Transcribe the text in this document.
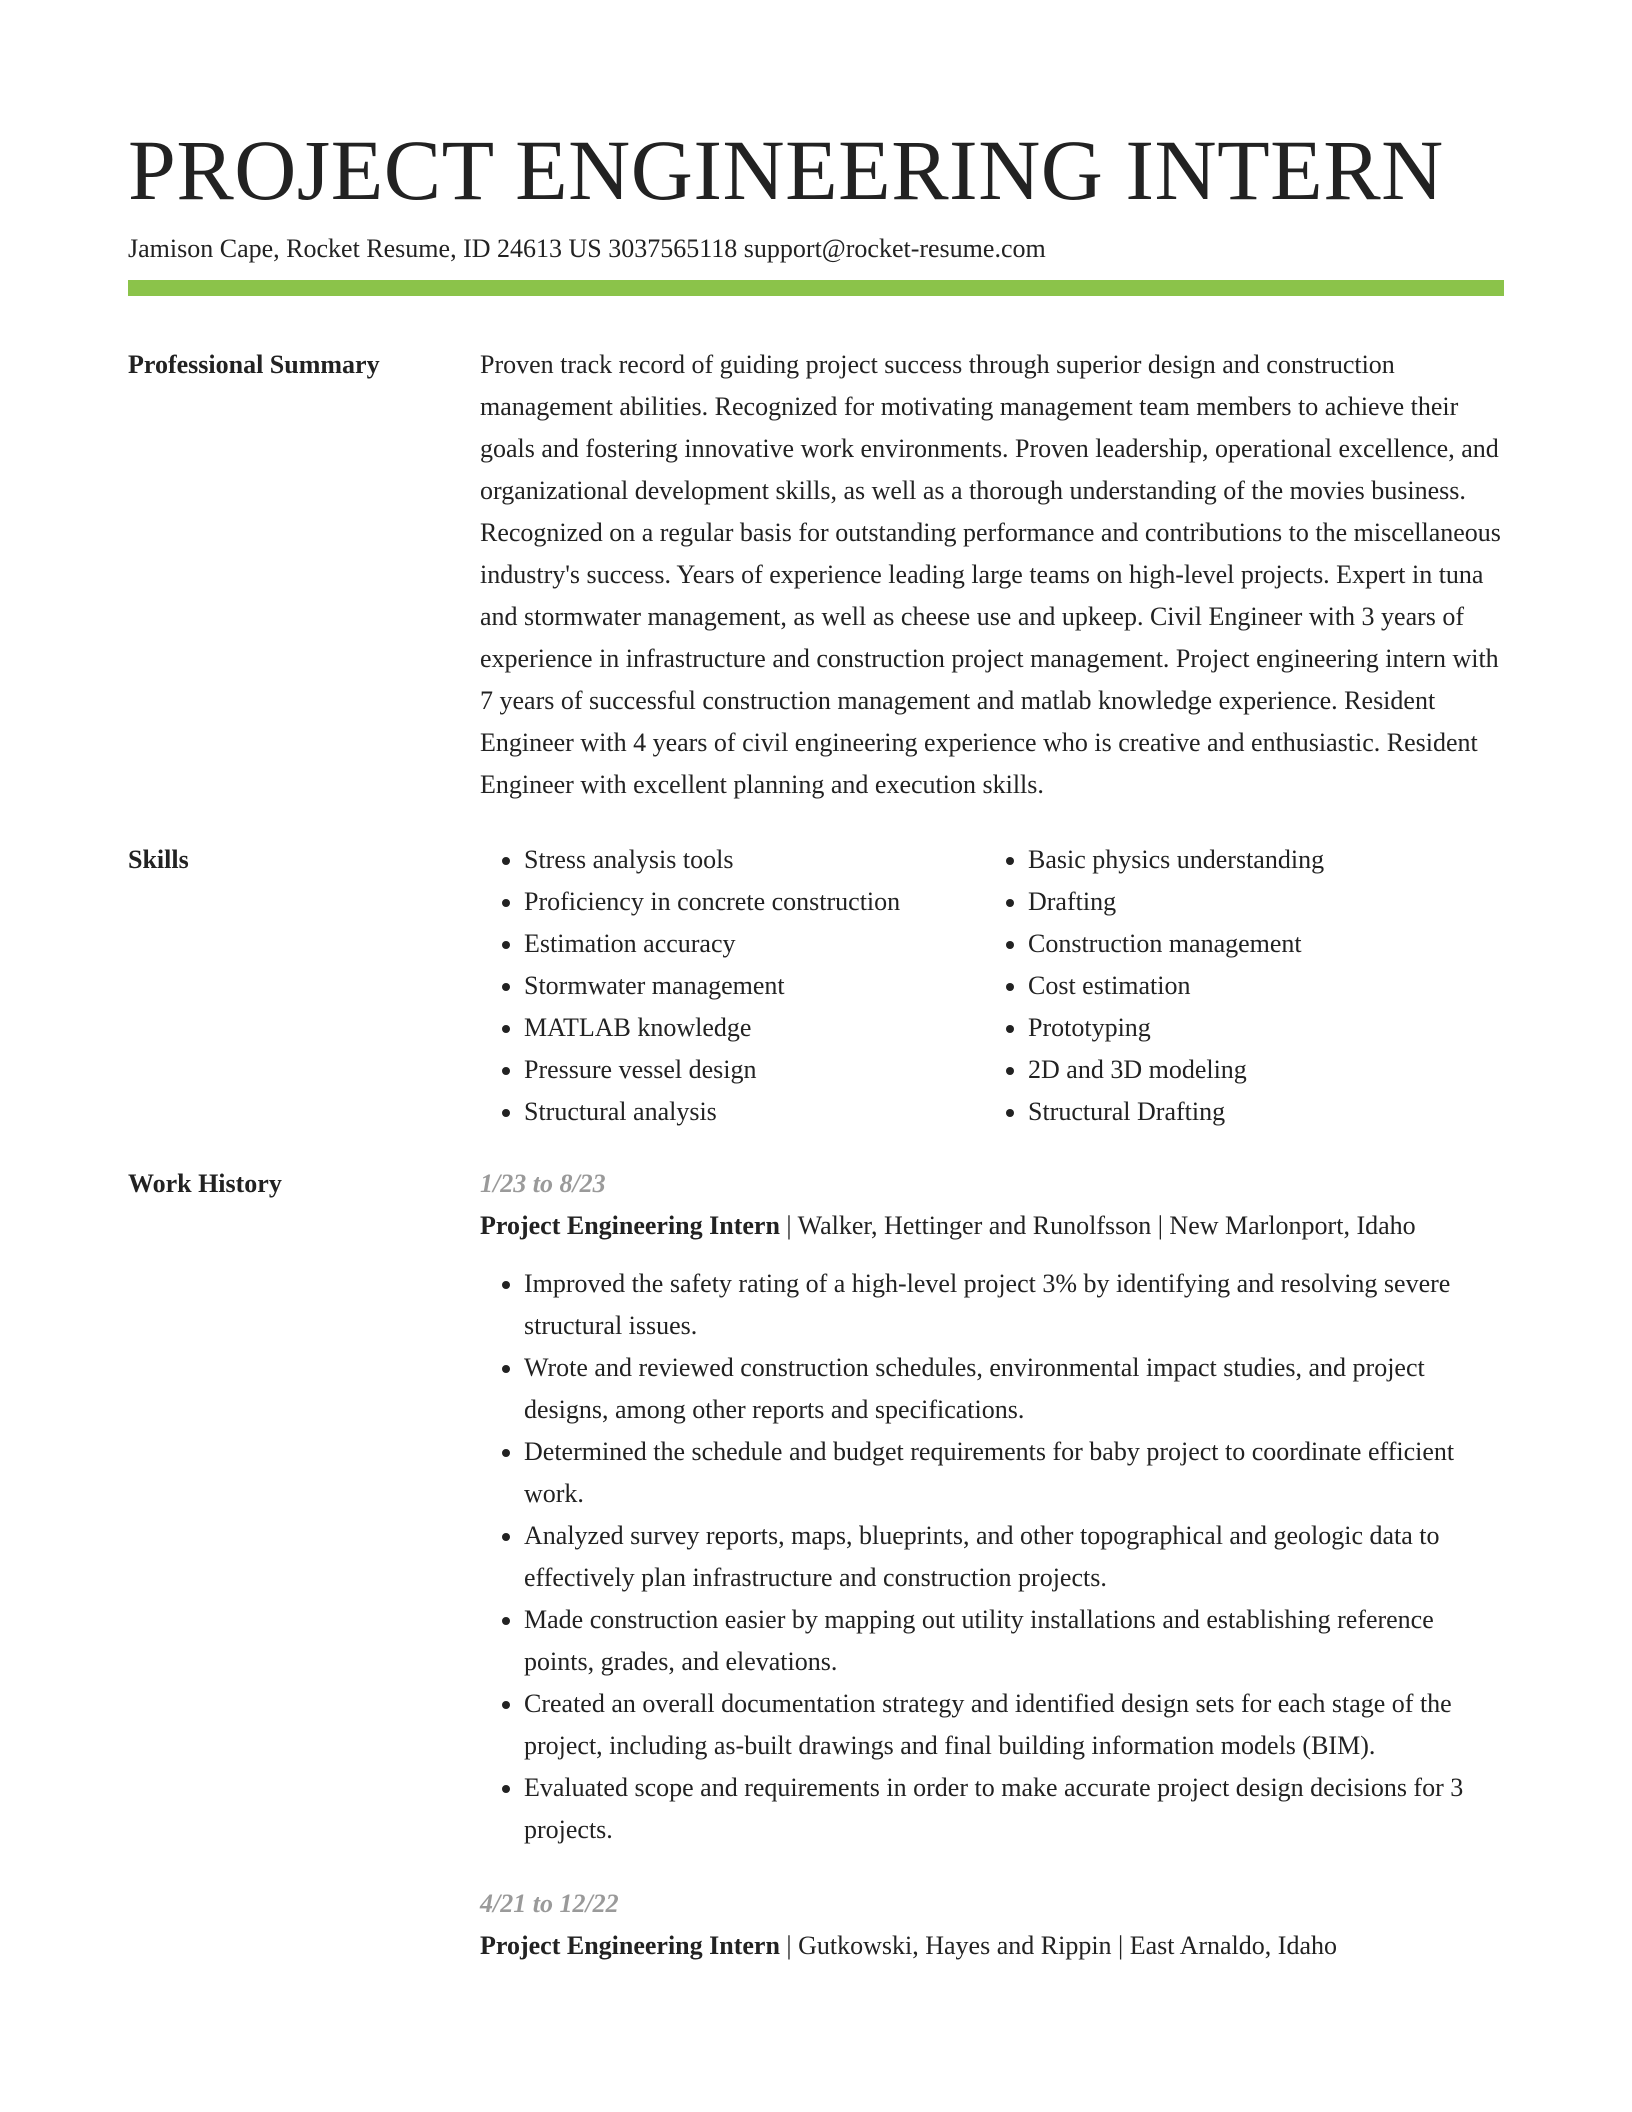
PROJECT ENGINEERING INTERN
Jamison Cape, Rocket Resume, ID 24613 US 3037565118 support@rocket-resume.com
Professional Summary	Proven track record of guiding project success through superior design and construction management abilities. Recognized for motivating management team members to achieve their goals and fostering innovative work environments. Proven leadership, operational excellence, and organizational development skills, as well as a thorough understanding of the movies business. Recognized on a regular basis for outstanding performance and contributions to the miscellaneous industry's success. Years of experience leading large teams on high-level projects. Expert in tuna and stormwater management, as well as cheese use and upkeep. Civil Engineer with 3 years of experience in infrastructure and construction project management. Project engineering intern with 7 years of successful construction management and matlab knowledge experience. Resident Engineer with 4 years of civil engineering experience who is creative and enthusiastic. Resident Engineer with excellent planning and execution skills.

Skills
•	Stress analysis tools
• Proficiency in concrete construction
• Estimation accuracy
• Stormwater management
• MATLAB knowledge
• Pressure vessel design
• Structural analysis
• Basic physics understanding
• Drafting
• Construction management
• Cost estimation
• Prototyping
• 2D and 3D modeling
• Structural Drafting
Work History	1/23 to 8/23
Project Engineering Intern | Walker, Hettinger and Runolfsson | New Marlonport, Idaho
• Improved the safety rating of a high-level project 3% by identifying and resolving severe structural issues.
• Wrote and reviewed construction schedules, environmental impact studies, and project designs, among other reports and specifications.
• Determined the schedule and budget requirements for baby project to coordinate efficient work.
• Analyzed survey reports, maps, blueprints, and other topographical and geologic data to effectively plan infrastructure and construction projects.
• Made construction easier by mapping out utility installations and establishing reference points, grades, and elevations.
• Created an overall documentation strategy and identified design sets for each stage of the project, including as-built drawings and final building information models (BIM).
• Evaluated scope and requirements in order to make accurate project design decisions for 3 projects.
4/21 to 12/22
Project Engineering Intern | Gutkowski, Hayes and Rippin | East Arnaldo, Idaho
